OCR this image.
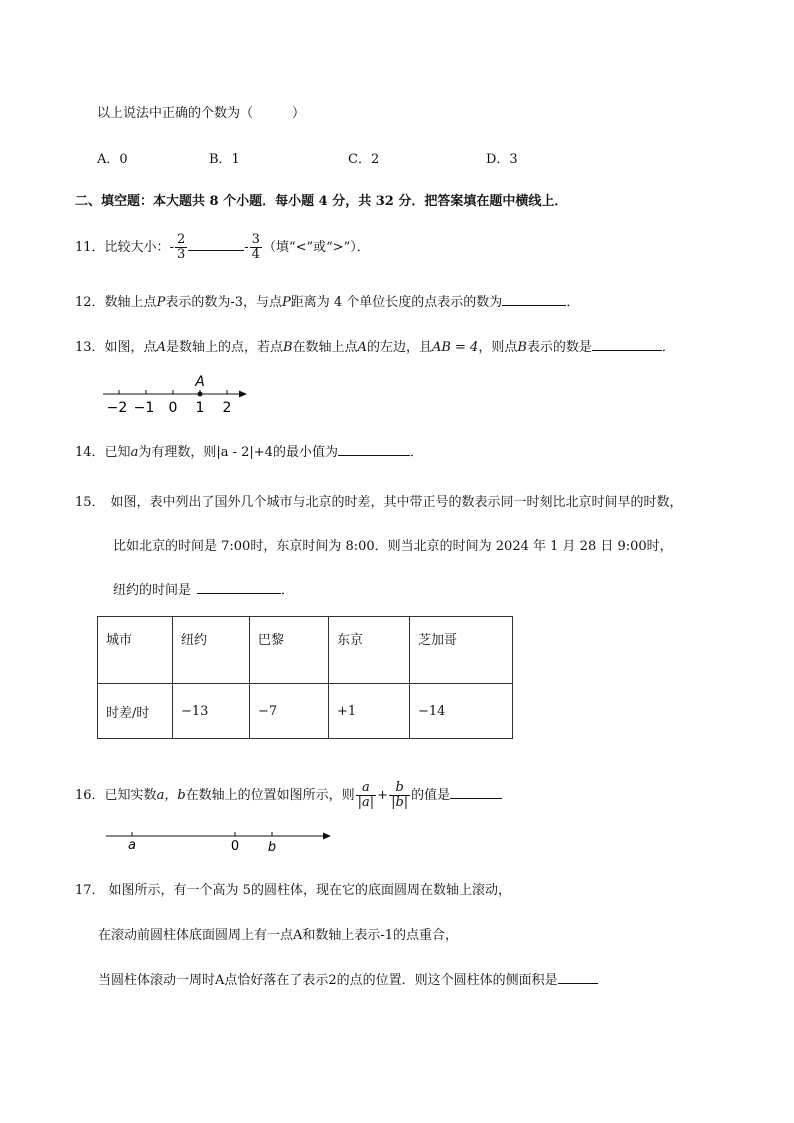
以上说法中正确的个数为（　　　）
A．0	B．1	C．2	D．3
二、填空题：本大题共 8 个小题．每小题 4 分，共 32 分．把答案填在题中横线上．
11．比较大小：- $\frac{2}{3}$	- $\frac{3}{4}$ （填“<”或“>”）．
12．数轴上点P表示的数为-3，与点P距离为 4 个单位长度的点表示的数为	．
13．如图，点A是数轴上的点，若点B在数轴上点A的左边，且AB = 4，则点B表示的数是	．
A
−2 −1 0 1 2
14．已知a为有理数，则|a - 2|+4的最小值为	．
15． 如图，表中列出了国外几个城市与北京的时差，其中带正号的数表示同一时刻比北京时间早的时数，
比如北京的时间是 7:00时，东京时间为 8:00．则当北京的时间为 2024 年 1 月 28 日 9:00时，
纽约的时间是	．
城市	纽约	巴黎	东京	芝加哥
时差/时	−13	−7	+1	−14
16．已知实数a，b在数轴上的位置如图所示，则 $\frac{a}{|a|} + \frac{b}{|b|}$ 的值是
a	0 b
17． 如图所示，有一个高为 5的圆柱体，现在它的底面圆周在数轴上滚动，
在滚动前圆柱体底面圆周上有一点A和数轴上表示-1的点重合，
当圆柱体滚动一周时A点恰好落在了表示2的点的位置．则这个圆柱体的侧面积是
